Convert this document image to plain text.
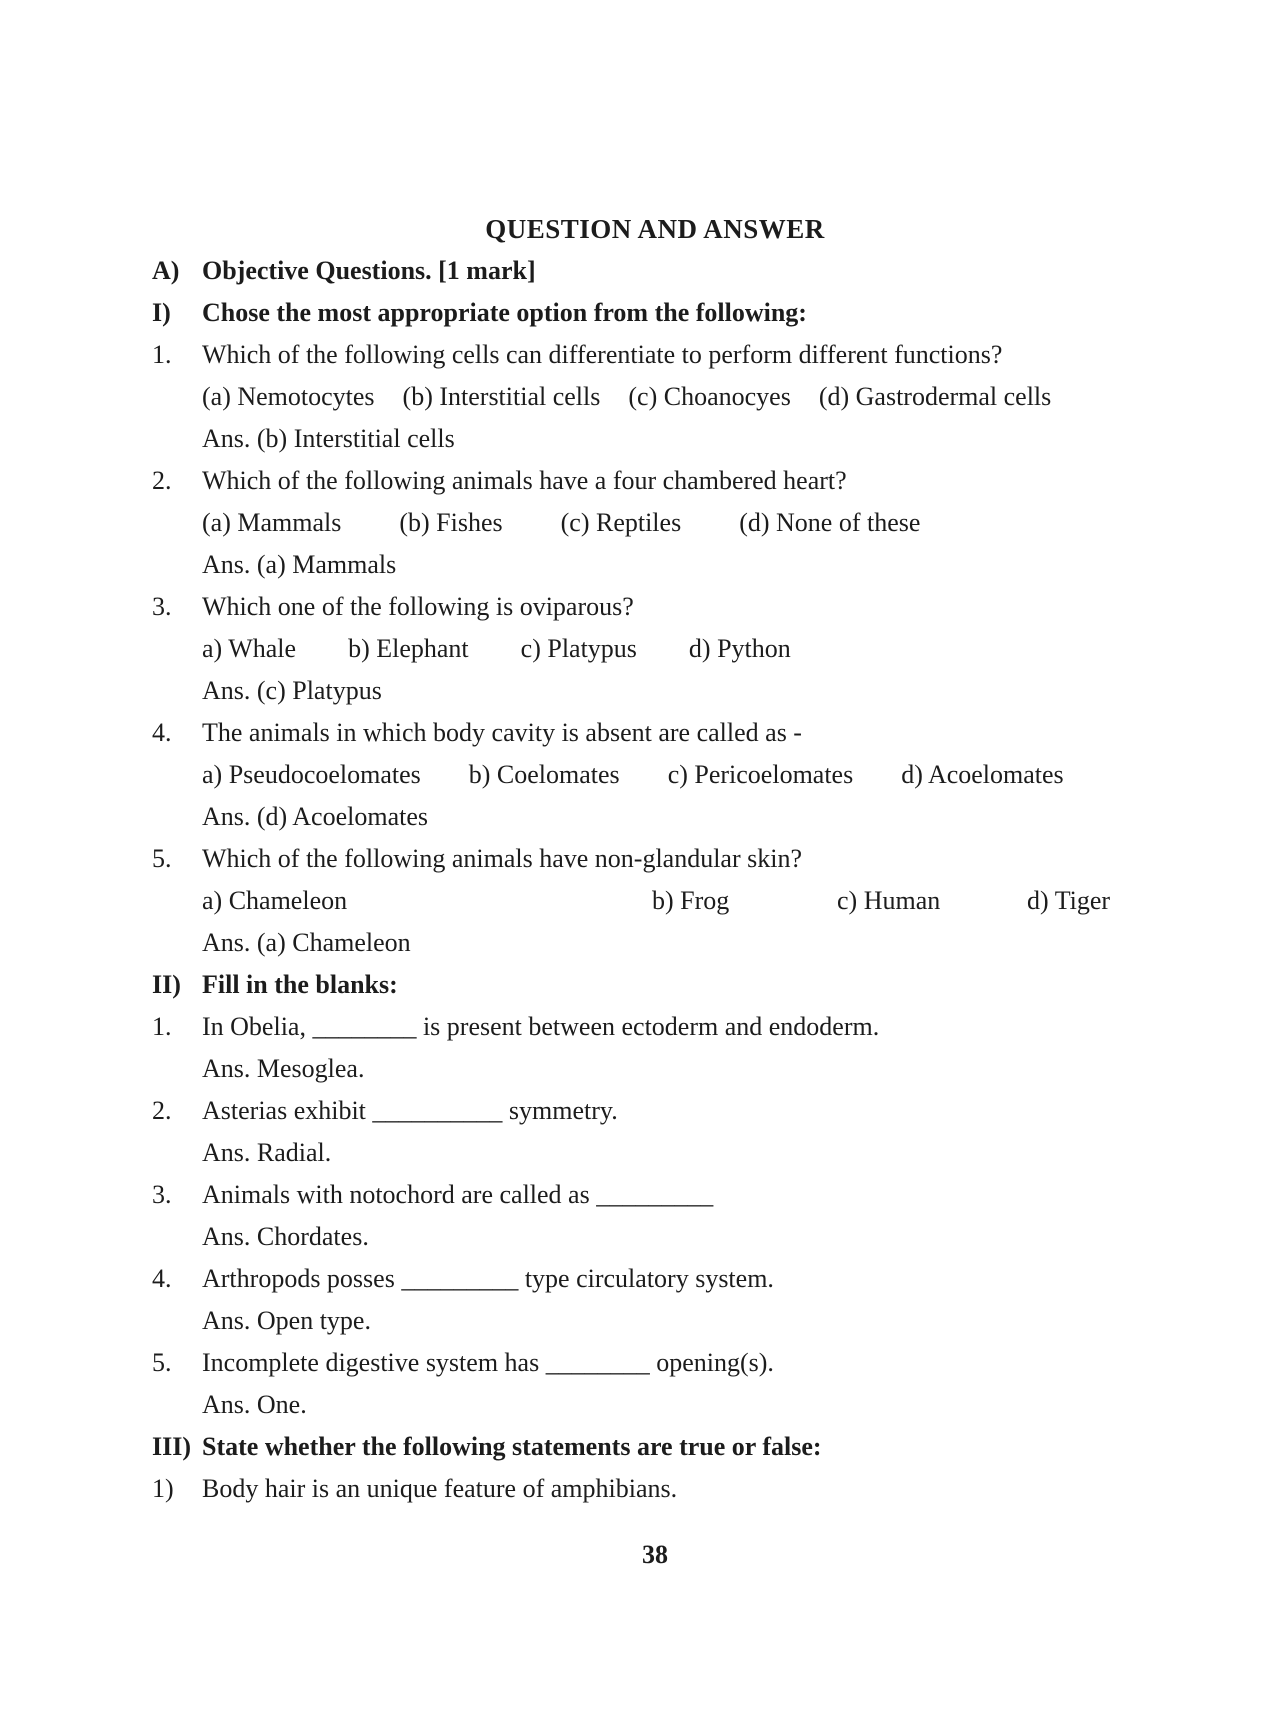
QUESTION AND ANSWER
A) Objective Questions. [1 mark]
I)	Chose the most appropriate option from the following:
1.	Which of the following cells can differentiate to perform different functions?
(a) Nemotocytes (b) Interstitial cells (c) Choanocyes (d) Gastrodermal cells
Ans. (b) Interstitial cells
2.	Which of the following animals have a four chambered heart?
(a) Mammals (b) Fishes (c) Reptiles (d) None of these
Ans. (a) Mammals
3.	Which one of the following is oviparous?
a) Whale b) Elephant c) Platypus d) Python
Ans. (c) Platypus
4.	The animals in which body cavity is absent are called as -
a) Pseudocoelomates b) Coelomates c) Pericoelomates d) Acoelomates
Ans. (d) Acoelomates
5.	Which of the following animals have non-glandular skin?
a) Chameleon	b) Frog	c) Human	d) Tiger
Ans. (a) Chameleon
II) Fill in the blanks:
1.	In Obelia, ________ is present between ectoderm and endoderm.
Ans. Mesoglea.
2.	Asterias exhibit __________ symmetry.
Ans. Radial.
3.	Animals with notochord are called as _________
Ans. Chordates.
4.	Arthropods posses _________ type circulatory system.
Ans. Open type.
5.	Incomplete digestive system has ________ opening(s).
Ans. One.
III) State whether the following statements are true or false:
1)	Body hair is an unique feature of amphibians.
38
